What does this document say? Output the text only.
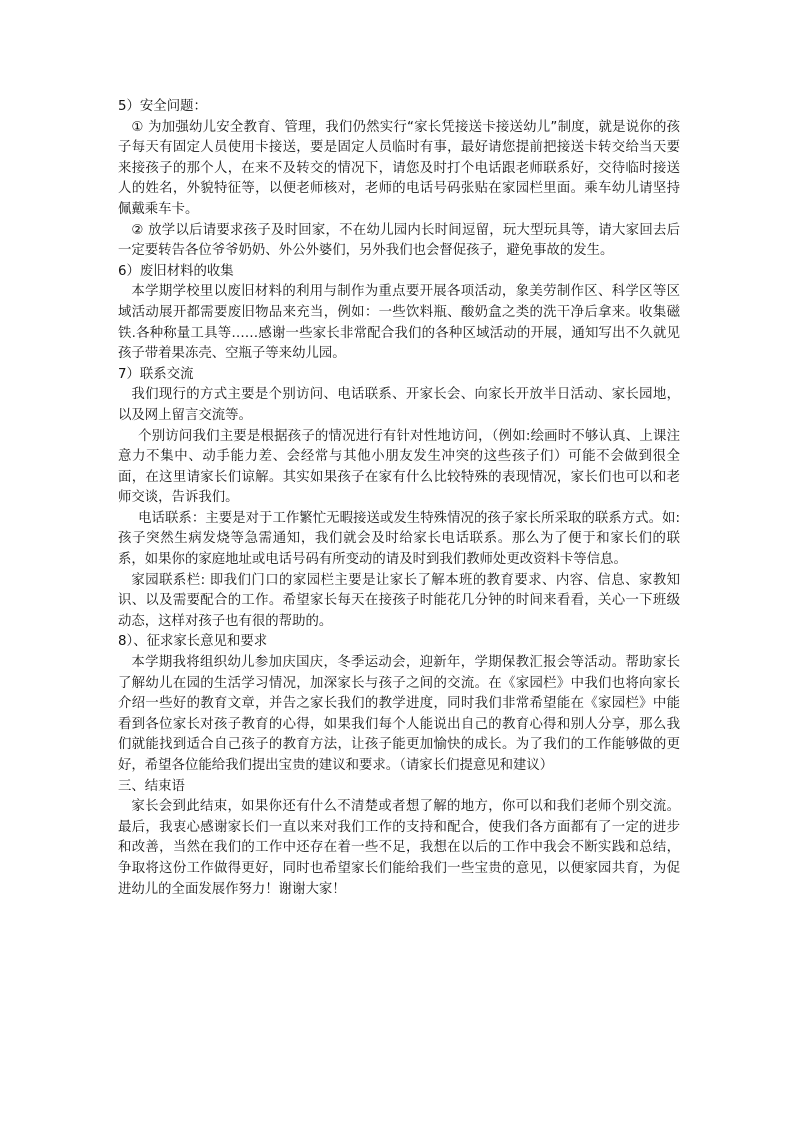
5）安全问题：

① 为加强幼儿安全教育、管理，我们仍然实行“家长凭接送卡接送幼儿”制度，就是说你的孩子每天有固定人员使用卡接送，要是固定人员临时有事，最好请您提前把接送卡转交给当天要来接孩子的那个人，在来不及转交的情况下，请您及时打个电话跟老师联系好，交待临时接送人的姓名，外貌特征等，以便老师核对，老师的电话号码张贴在家园栏里面。乘车幼儿请坚持佩戴乘车卡。

② 放学以后请要求孩子及时回家，不在幼儿园内长时间逗留，玩大型玩具等，请大家回去后一定要转告各位爷爷奶奶、外公外婆们，另外我们也会督促孩子，避免事故的发生。

6）废旧材料的收集

本学期学校里以废旧材料的利用与制作为重点要开展各项活动，象美劳制作区、科学区等区域活动展开都需要废旧物品来充当，例如：一些饮料瓶、酸奶盒之类的洗干净后拿来。收集磁铁.各种称量工具等……感谢一些家长非常配合我们的各种区域活动的开展，通知写出不久就见孩子带着果冻壳、空瓶子等来幼儿园。

7）联系交流

我们现行的方式主要是个别访问、电话联系、开家长会、向家长开放半日活动、家长园地，以及网上留言交流等。

个别访问我们主要是根据孩子的情况进行有针对性地访问，（例如:绘画时不够认真、上课注意力不集中、动手能力差、会经常与其他小朋友发生冲突的这些孩子们）可能不会做到很全面，在这里请家长们谅解。其实如果孩子在家有什么比较特殊的表现情况，家长们也可以和老师交谈，告诉我们。

电话联系：主要是对于工作繁忙无暇接送或发生特殊情况的孩子家长所采取的联系方式。如: 孩子突然生病发烧等急需通知，我们就会及时给家长电话联系。那么为了便于和家长们的联系，如果你的家庭地址或电话号码有所变动的请及时到我们教师处更改资料卡等信息。

家园联系栏: 即我们门口的家园栏主要是让家长了解本班的教育要求、内容、信息、家教知识、以及需要配合的工作。希望家长每天在接孩子时能花几分钟的时间来看看，关心一下班级动态，这样对孩子也有很的帮助的。

8）、征求家长意见和要求

本学期我将组织幼儿参加庆国庆，冬季运动会，迎新年，学期保教汇报会等活动。帮助家长了解幼儿在园的生活学习情况，加深家长与孩子之间的交流。在《家园栏》中我们也将向家长介绍一些好的教育文章，并告之家长我们的教学进度，同时我们非常希望能在《家园栏》中能看到各位家长对孩子教育的心得，如果我们每个人能说出自己的教育心得和别人分享，那么我们就能找到适合自己孩子的教育方法，让孩子能更加愉快的成长。为了我们的工作能够做的更好，希望各位能给我们提出宝贵的建议和要求。（请家长们提意见和建议）

三、结束语

家长会到此结束，如果你还有什么不清楚或者想了解的地方，你可以和我们老师个别交流。最后，我衷心感谢家长们一直以来对我们工作的支持和配合，使我们各方面都有了一定的进步和改善，当然在我们的工作中还存在着一些不足，我想在以后的工作中我会不断实践和总结，争取将这份工作做得更好，同时也希望家长们能给我们一些宝贵的意见，以便家园共育，为促进幼儿的全面发展作努力！谢谢大家！
